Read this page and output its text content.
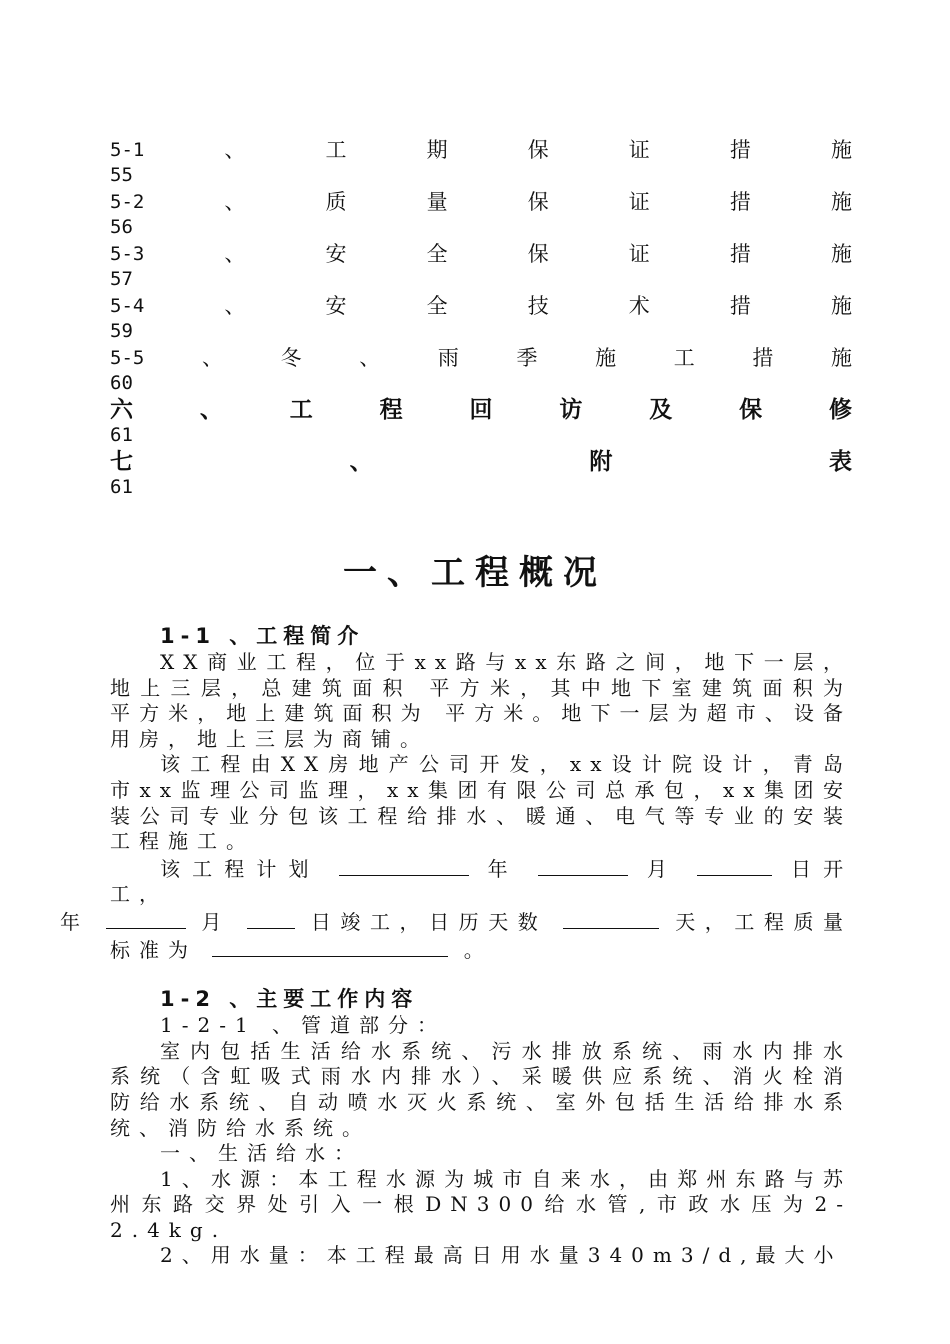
5-1	、	工	期	保	证	措	施
55
5-2	、	质	量	保	证	措	施
56
5-3	、	安	全	保	证	措	施
57
5-4	、	安	全	技	术	措	施
59
5-5	、	冬	、	雨	季	施	工	措	施
60
六	、	工	程	回	访	及	保	修
61
七	、	附	表
61
一、工程概况
1-1 、工程简介

XX商业工程，位于xx路与xx东路之间，地下一层，地上三层，总建筑面积 平方米，其中地下室建筑面积为 平方米，地上建筑面积为 平方米。地下一层为超市、设备用房，地上三层为商铺。

该工程由XX房地产公司开发，xx设计院设计，青岛市xx监理公司监理，xx集团有限公司总承包，xx集团安装公司专业分包该工程给排水、暖通、电气等专业的安装工程施工。

该工程计划	年	月	日开工，
年	月	日竣工，日历天数	天，工程质量标准为	。

1-2 、主要工作内容

1-2-1 、管道部分：

室内包括生活给水系统、污水排放系统、雨水内排水系统（含虹吸式雨水内排水）、采暖供应系统、消火栓消防给水系统、自动喷水灭火系统、室外包括生活给排水系统、消防给水系统。

一、生活给水：

1、水源：本工程水源为城市自来水，由郑州东路与苏州东路交界处引入一根DN300给水管,市政水压为2-2.4kg.

2、用水量：本工程最高日用水量340m3/d,最大小
